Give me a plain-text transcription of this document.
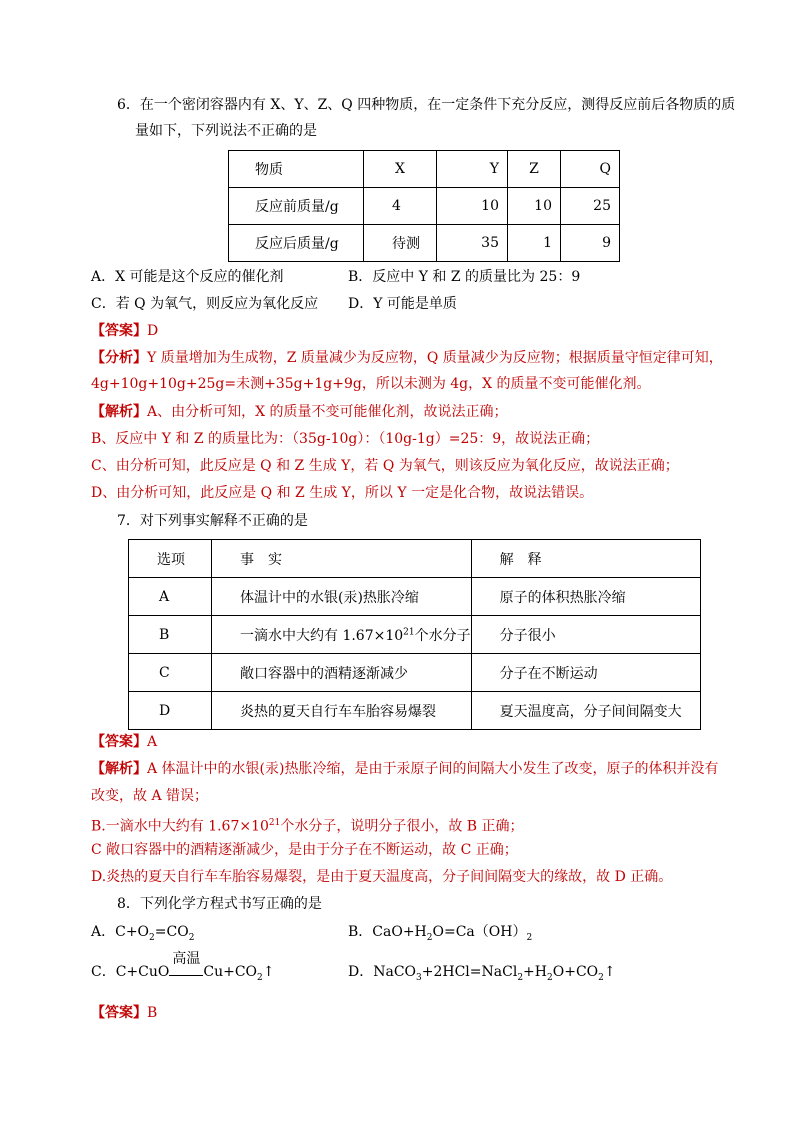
6．在一个密闭容器内有 X、Y、Z、Q 四种物质，在一定条件下充分反应，测得反应前后各物质的质
量如下，下列说法不正确的是
物质	X	Y	Z	Q
反应前质量/g	4	10	10	25
反应后质量/g	待测	35	1	9
A．X 可能是这个反应的催化剂	B．反应中 Y 和 Z 的质量比为 25：9
C．若 Q 为氧气，则反应为氧化反应 D．Y 可能是单质
【答案】D
【分析】Y 质量增加为生成物，Z 质量减少为反应物，Q 质量减少为反应物；根据质量守恒定律可知，
4g+10g+10g+25g=未测+35g+1g+9g，所以未测为 4g，X 的质量不变可能催化剂。
【解析】A、由分析可知，X 的质量不变可能催化剂，故说法正确；
B、反应中 Y 和 Z 的质量比为：（35g-10g）：（10g-1g）=25：9，故说法正确；
C、由分析可知，此反应是 Q 和 Z 生成 Y，若 Q 为氧气，则该反应为氧化反应，故说法正确；
D、由分析可知，此反应是 Q 和 Z 生成 Y，所以 Y 一定是化合物，故说法错误。
7．对下列事实解释不正确的是
选项	事　实	解　释
A	体温计中的水银(汞)热胀冷缩	原子的体积热胀冷缩
B	一滴水中大约有 $1.67\times 10^{21}$个水分子	分子很小
C	敞口容器中的酒精逐渐减少	分子在不断运动
D	炎热的夏天自行车车胎容易爆裂	夏天温度高，分子间间隔变大
【答案】A
【解析】A 体温计中的水银(汞)热胀冷缩，是由于汞原子间的间隔大小发生了改变，原子的体积并没有
改变，故 A 错误；
B.一滴水中大约有 $1.67\times 10^{21}$个水分子，说明分子很小，故 B 正确；
C 敞口容器中的酒精逐渐减少，是由于分子在不断运动，故 C 正确；
D.炎热的夏天自行车车胎容易爆裂，是由于夏天温度高，分子间间隔变大的缘故，故 D 正确。
8．下列化学方程式书写正确的是
A．$C+O_2=CO_2$	B．$CaO+H_2O=Ca(OH)_2$
C．C+CuO
高温
$Cu+CO_2↑$	D．$NaCO_3+2HCl=NaCl_2+H_2O+CO_2↑$
【答案】B
